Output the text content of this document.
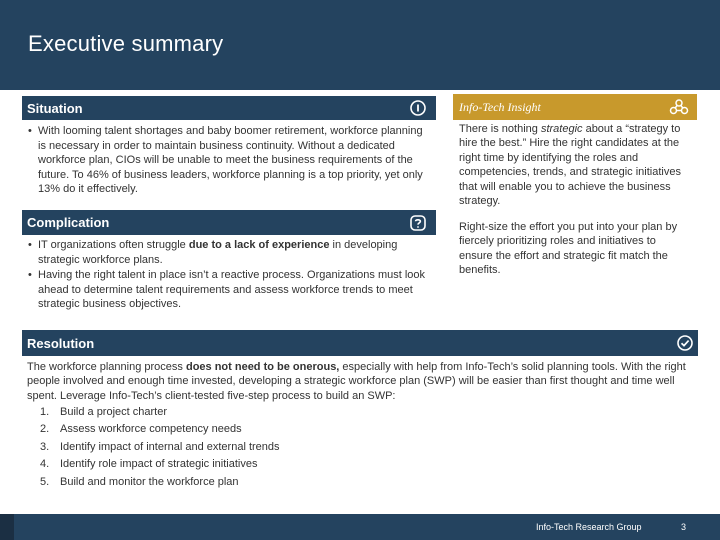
Executive summary
Situation
• With looming talent shortages and baby boomer retirement, workforce planning is necessary in order to maintain business continuity. Without a dedicated workforce plan, CIOs will be unable to meet the business requirements of the future. To 46% of business leaders, workforce planning is a top priority, yet only 13% do it effectively.
Complication
• IT organizations often struggle due to a lack of experience in developing strategic workforce plans.
• Having the right talent in place isn’t a reactive process. Organizations must look ahead to determine talent requirements and assess workforce trends to meet strategic business objectives.
Info-Tech Insight
There is nothing strategic about a “strategy to hire the best.” Hire the right candidates at the right time by identifying the roles and competencies, trends, and strategic initiatives that will enable you to achieve the business strategy.
Right-size the effort you put into your plan by fiercely prioritizing roles and initiatives to ensure the effort and strategic fit match the benefits.
Resolution
The workforce planning process does not need to be onerous, especially with help from Info-Tech’s solid planning tools. With the right people involved and enough time invested, developing a strategic workforce plan (SWP) will be easier than first thought and time well spent. Leverage Info-Tech’s client-tested five-step process to build an SWP:
1. Build a project charter
2. Assess workforce competency needs
3. Identify impact of internal and external trends
4. Identify role impact of strategic initiatives
5. Build and monitor the workforce plan
Info-Tech Research Group	3
